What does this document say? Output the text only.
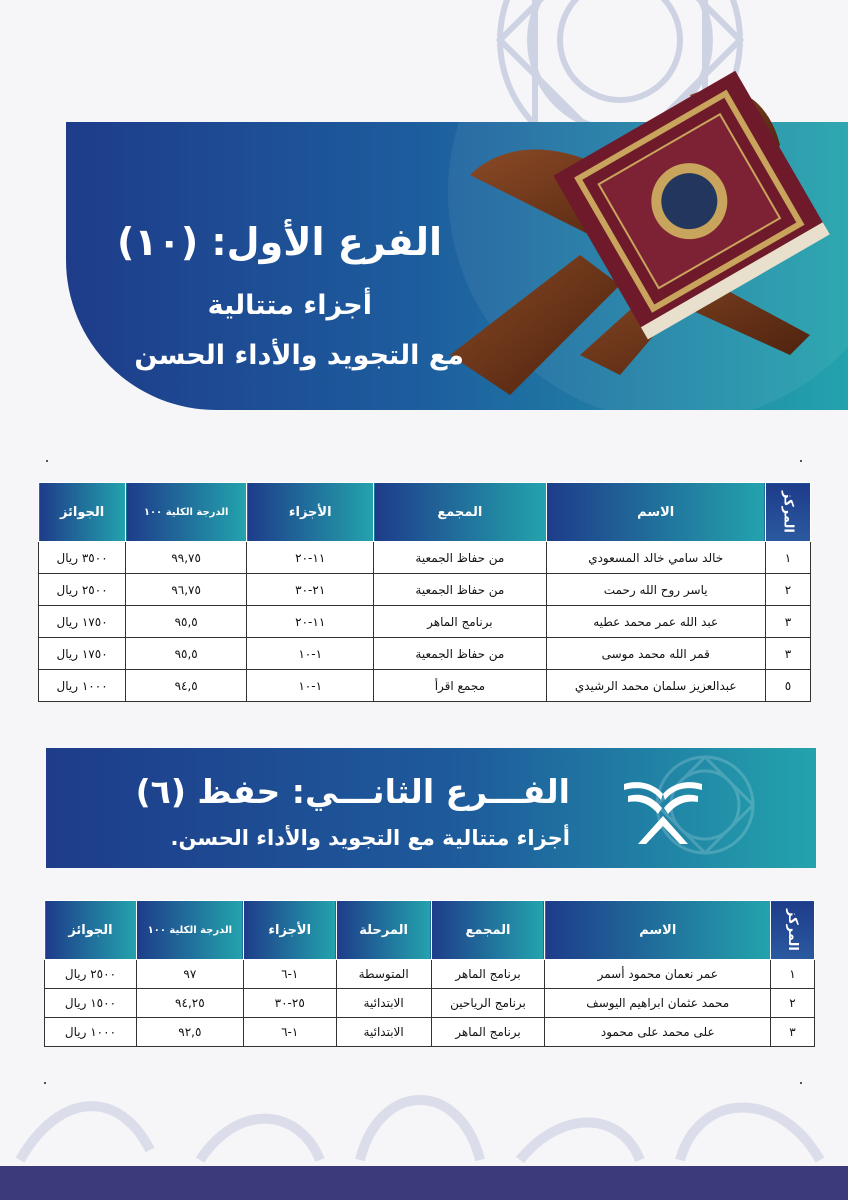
الفرع الأول: (١٠)
أجزاء متتالية
مع التجويد والأداء الحسن
المركز	الاسم	المجمع	الأجزاء	الدرجة الكلية ١٠٠	الجوائز
١	خالد سامي خالد المسعودي	من حفاظ الجمعية	١١-٢٠	٩٩,٧٥	٣٥٠٠ ريال
٢	ياسر روح الله رحمت	من حفاظ الجمعية	٢١-٣٠	٩٦,٧٥	٢٥٠٠ ريال
٣	عبد الله عمر محمد عطيه	برنامج الماهر	١١-٢٠	٩٥,٥	١٧٥٠ ريال
٣	قمر الله محمد موسى	من حفاظ الجمعية	١-١٠	٩٥,٥	١٧٥٠ ريال
٥	عبدالعزيز سلمان محمد الرشيدي	مجمع اقرأ	١-١٠	٩٤,٥	١٠٠٠ ريال
الفـــرع الثانـــي: حفظ (٦)
أجزاء متتالية مع التجويد والأداء الحسن.
المركز	الاسم	المجمع	المرحلة	الأجزاء	الدرجة الكلية ١٠٠	الجوائز
١	عمر نعمان محمود أسمر	برنامج الماهر	المتوسطة	١-٦	٩٧	٢٥٠٠ ريال
٢	محمد عثمان ابراهيم اليوسف	برنامج الرياحين	الابتدائية	٢٥-٣٠	٩٤,٢٥	١٥٠٠ ريال
٣	على محمد على محمود	برنامج الماهر	الابتدائية	١-٦	٩٢,٥	١٠٠٠ ريال
